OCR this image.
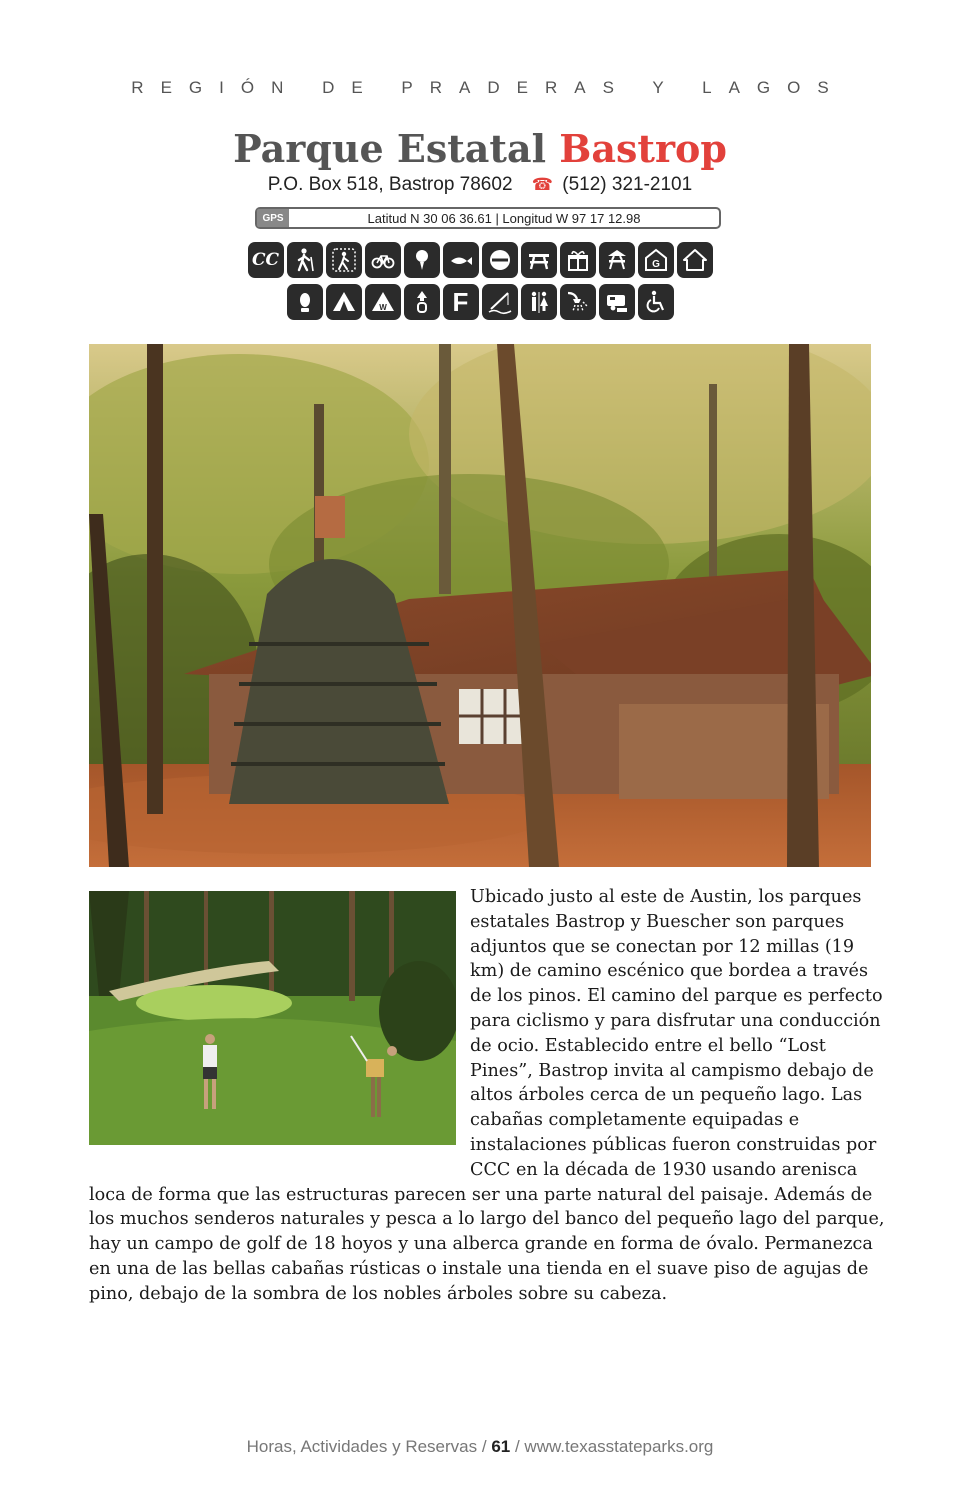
REGIÓN DE PRADERAS Y LAGOS
Parque Estatal Bastrop
P.O. Box 518, Bastrop 78602 ☎ (512) 321-2101
GPS	Latitud N 30 06 36.61 | Longitud W 97 17 12.98
CC	G
W	F
Ubicado justo al este de Austin, los parques estatales Bastrop y Buescher son parques adjuntos que se conectan por 12 millas (19 km) de camino escénico que bordea a través de los pinos. El camino del parque es perfecto para ciclismo y para disfrutar una conducción de ocio. Establecido entre el bello “Lost Pines”, Bastrop invita al campismo debajo de altos árboles cerca de un pequeño lago. Las cabañas completamente equipadas e instalaciones públicas fueron construidas por CCC en la década de 1930 usando arenisca loca de forma que las estructuras parecen ser una parte natural del paisaje. Además de los muchos senderos naturales y pesca a lo largo del banco del pequeño lago del parque, hay un campo de golf de 18 hoyos y una alberca grande en forma de óvalo. Permanezca en una de las bellas cabañas rústicas o instale una tienda en el suave piso de agujas de pino, debajo de la sombra de los nobles árboles sobre su cabeza.
Horas, Actividades y Reservas / 61 / www.texasstateparks.org
